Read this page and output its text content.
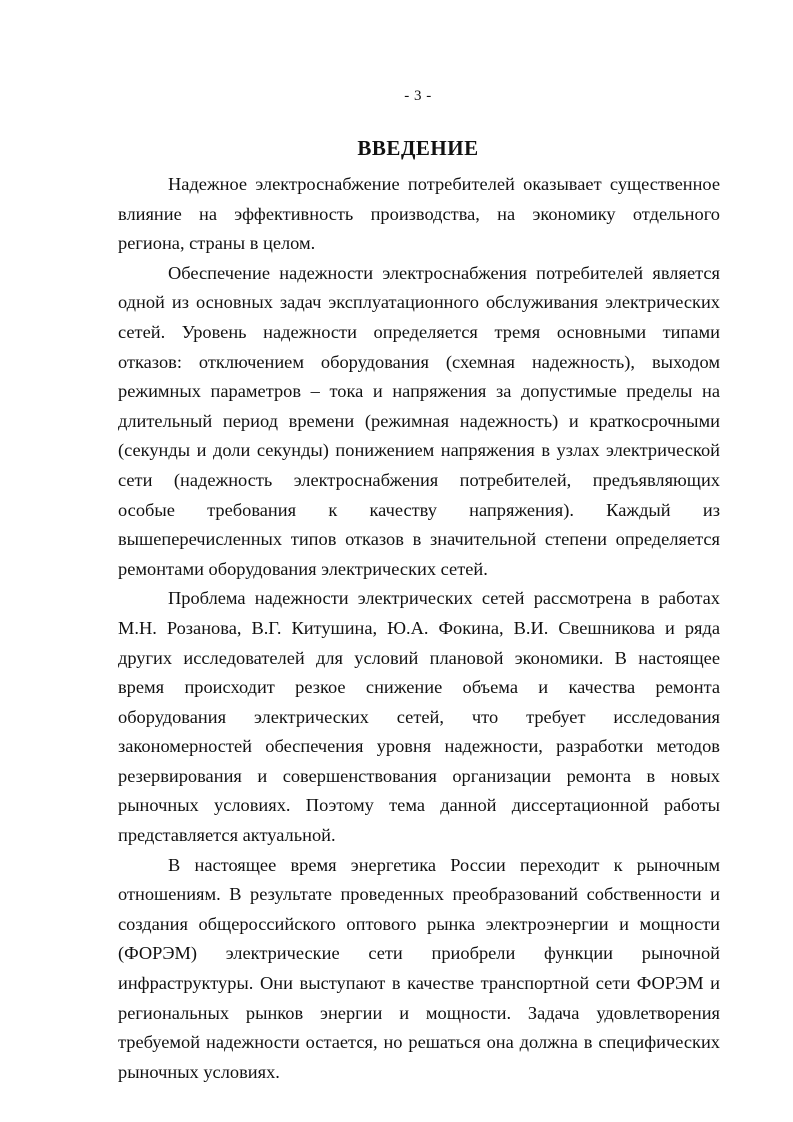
- 3 -
ВВЕДЕНИЕ

Надежное электроснабжение потребителей оказывает существенное
влияние на эффективность производства, на экономику отдельного
региона, страны в целом.

Обеспечение надежности электроснабжения потребителей является
одной из основных задач эксплуатационного обслуживания электрических
сетей. Уровень надежности определяется тремя основными типами
отказов: отключением оборудования (схемная надежность), выходом
режимных параметров – тока и напряжения за допустимые пределы на
длительный период времени (режимная надежность) и краткосрочными
(секунды и доли секунды) понижением напряжения в узлах электрической
сети (надежность электроснабжения потребителей, предъявляющих
особые требования к качеству напряжения). Каждый из
вышеперечисленных типов отказов в значительной степени определяется
ремонтами оборудования электрических сетей.

Проблема надежности электрических сетей рассмотрена в работах
М.Н. Розанова, В.Г. Китушина, Ю.А. Фокина, В.И. Свешникова и ряда
других исследователей для условий плановой экономики. В настоящее
время происходит резкое снижение объема и качества ремонта
оборудования электрических сетей, что требует исследования
закономерностей обеспечения уровня надежности, разработки методов
резервирования и совершенствования организации ремонта в новых
рыночных условиях. Поэтому тема данной диссертационной работы
представляется актуальной.

В настоящее время энергетика России переходит к рыночным
отношениям. В результате проведенных преобразований собственности и
создания общероссийского оптового рынка электроэнергии и мощности
(ФОРЭМ) электрические сети приобрели функции рыночной
инфраструктуры. Они выступают в качестве транспортной сети ФОРЭМ и
региональных рынков энергии и мощности. Задача удовлетворения
требуемой надежности остается, но решаться она должна в специфических
рыночных условиях.
